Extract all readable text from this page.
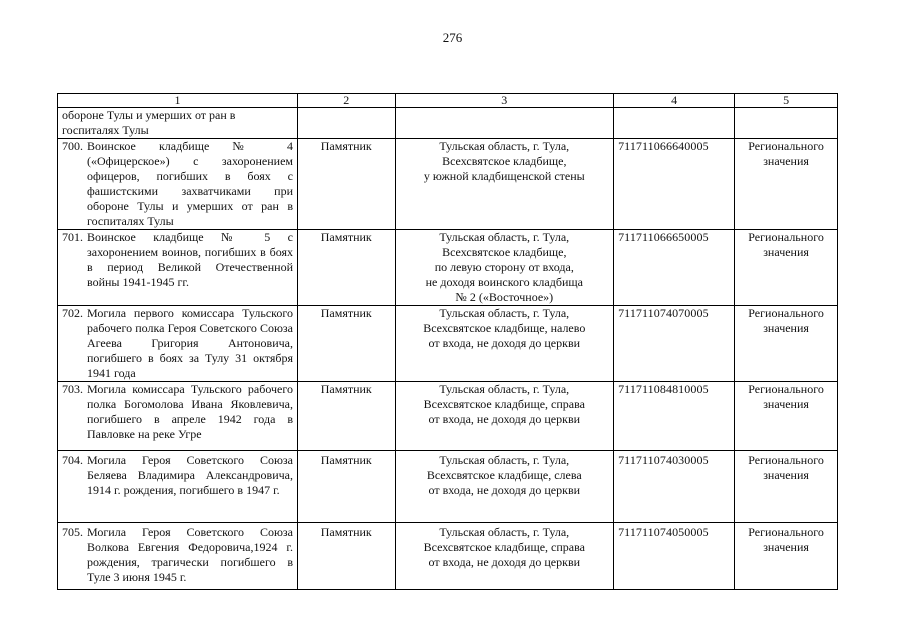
276
1	2	3	4	5
обороне Тулы и умерших от ран в госпиталях Тулы				

700. Воинское кладбище № 4 («Офицерское») с захоронением офицеров, погибших в боях с фашистскими захватчиками при обороне Тулы и умерших от ран в госпиталях Тулы	Памятник	Тульская область, г. Тула,
Всехсвятское кладбище,
у южной кладбищенской стены	711711066640005	Регионального значения

701. Воинское кладбище № 5 с захоронением воинов, погибших в боях в период Великой Отечественной войны 1941-1945 гг.	Памятник	Тульская область, г. Тула,
Всехсвятское кладбище,
по левую сторону от входа,
не доходя воинского кладбища
№ 2 («Восточное»)	711711066650005	Регионального значения

702. Могила первого комиссара Тульского рабочего полка Героя Советского Союза Агеева Григория Антоновича, погибшего в боях за Тулу 31 октября 1941 года	Памятник	Тульская область, г. Тула,
Всехсвятское кладбище, налево
от входа, не доходя до церкви	711711074070005	Регионального значения

703. Могила комиссара Тульского рабочего полка Богомолова Ивана Яковлевича, погибшего в апреле 1942 года в Павловке на реке Угре	Памятник	Тульская область, г. Тула,
Всехсвятское кладбище, справа
от входа, не доходя до церкви	711711084810005	Регионального значения

704. Могила Героя Советского Союза Беляева Владимира Александровича, 1914 г. рождения, погибшего в 1947 г.	Памятник	Тульская область, г. Тула,
Всехсвятское кладбище, слева
от входа, не доходя до церкви	711711074030005	Регионального значения

705. Могила Героя Советского Союза Волкова Евгения Федоровича,1924 г. рождения, трагически погибшего в Туле 3 июня 1945 г.	Памятник	Тульская область, г. Тула,
Всехсвятское кладбище, справа
от входа, не доходя до церкви	711711074050005	Регионального значения
